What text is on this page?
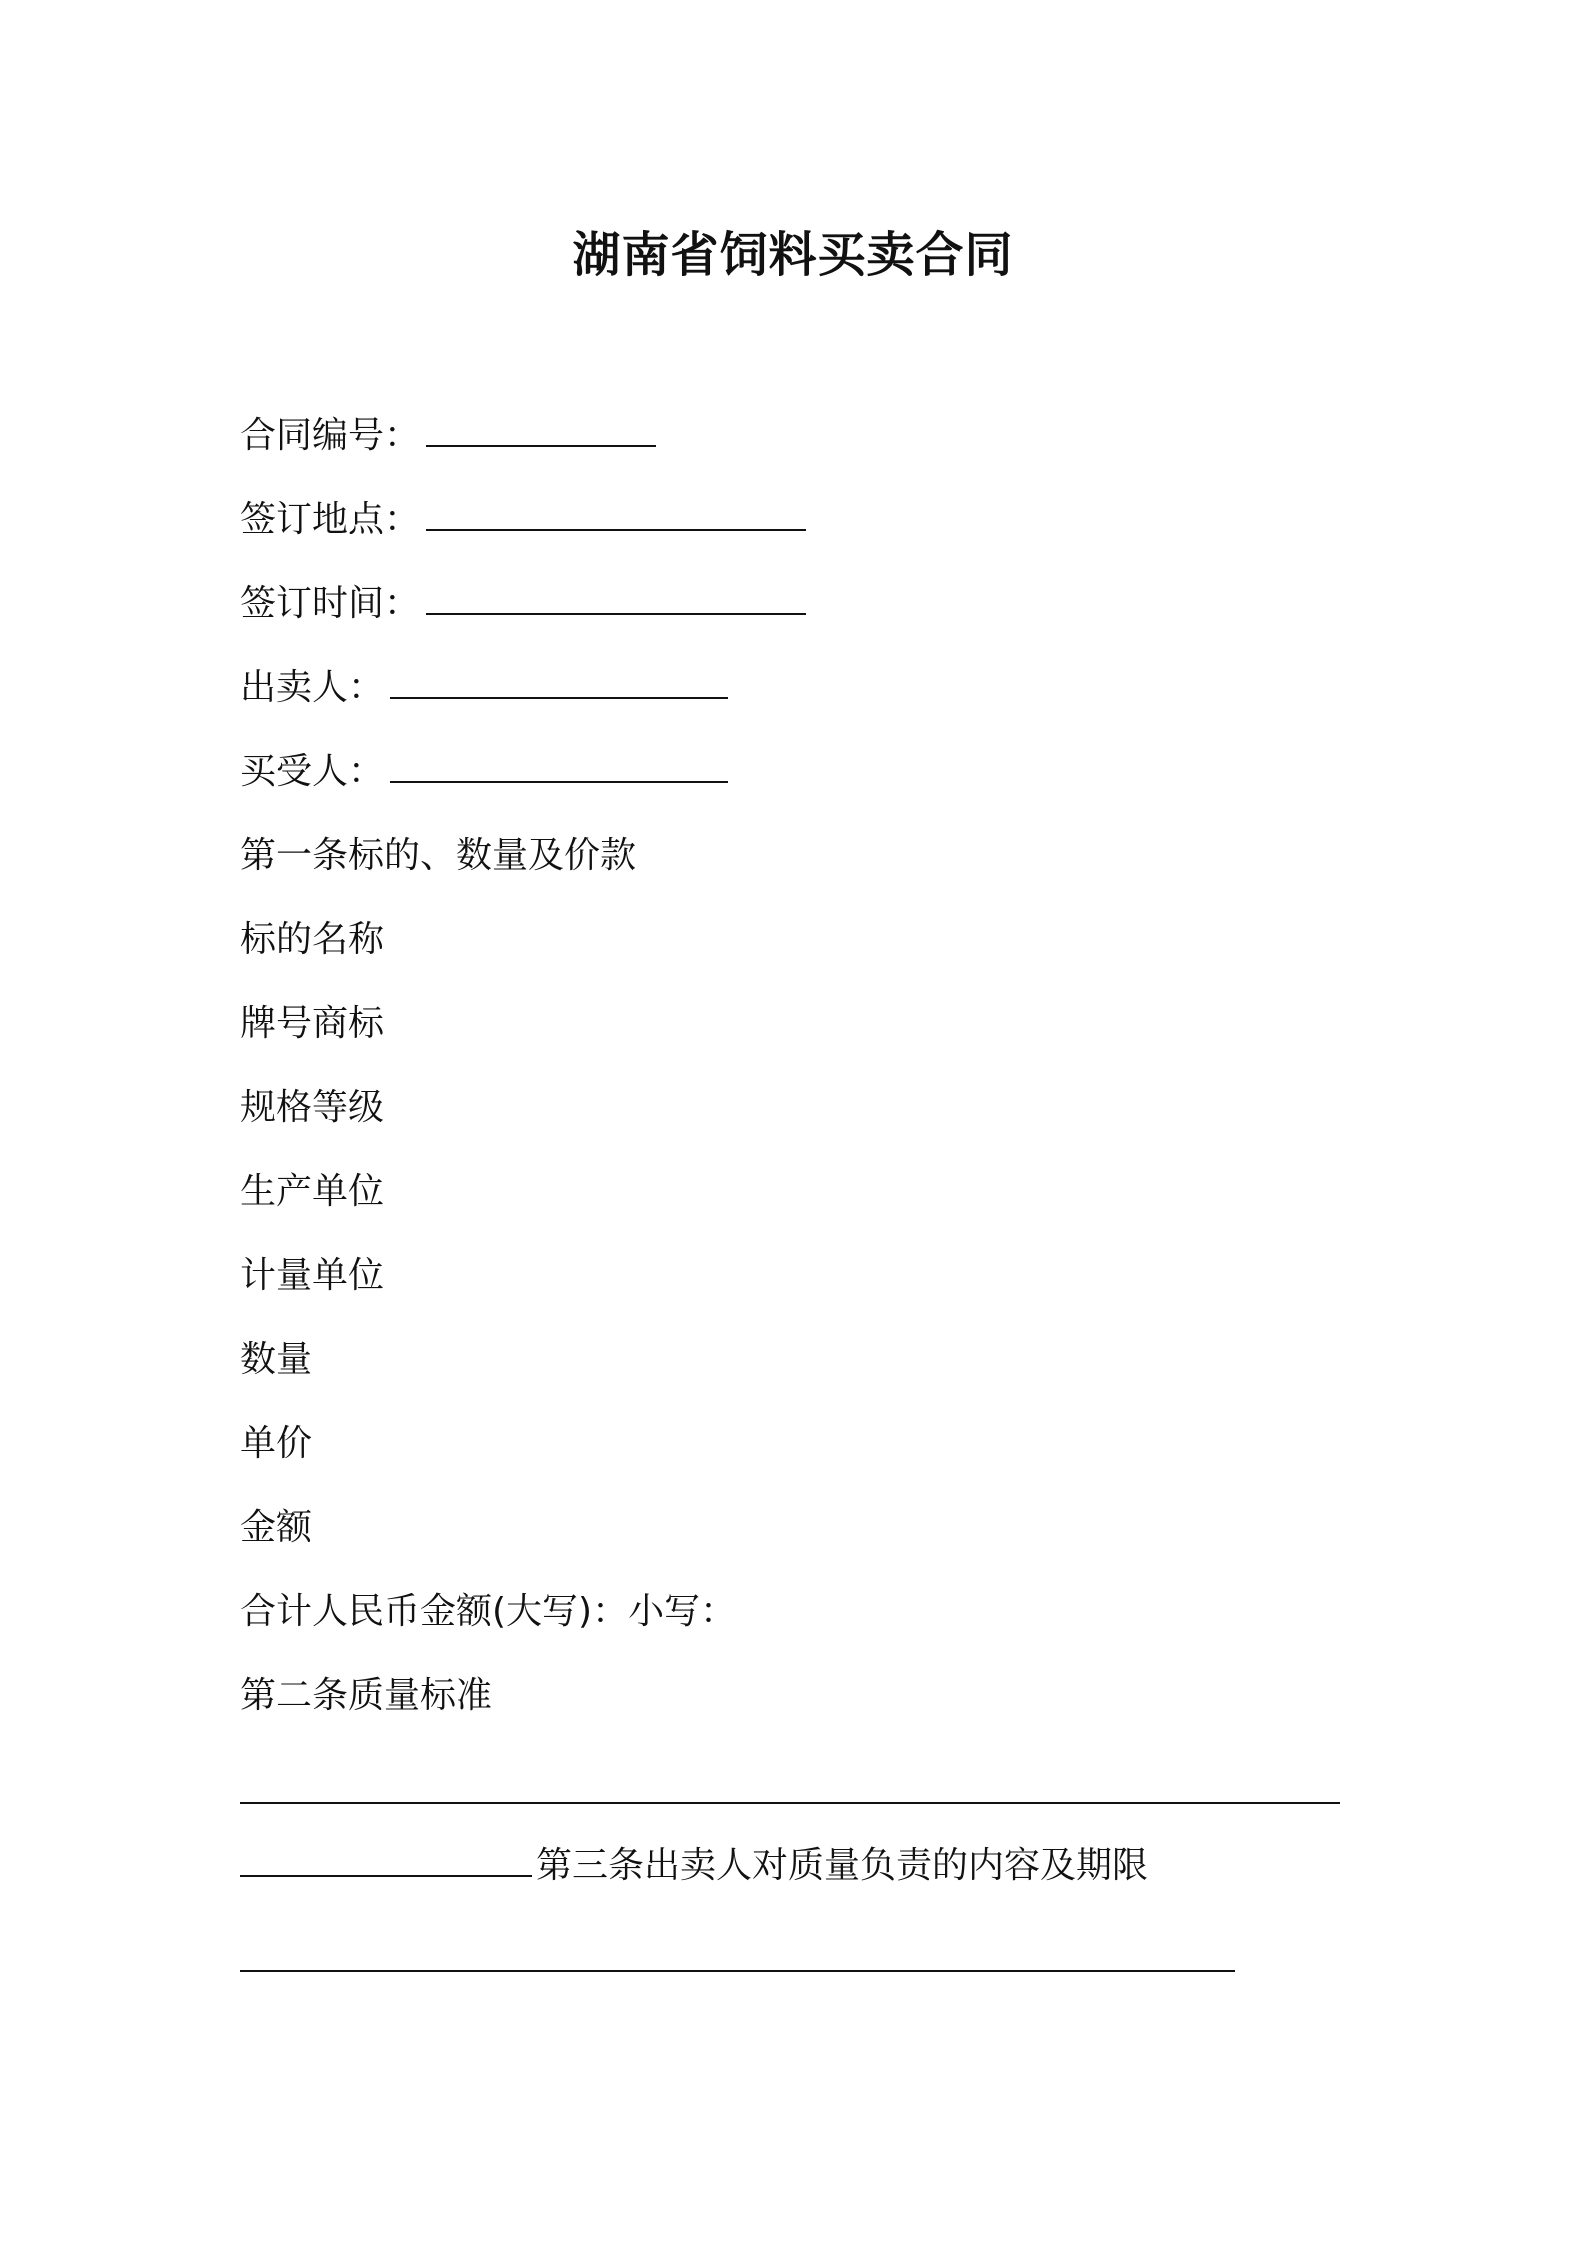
湖南省饲料买卖合同
合同编号：
签订地点：
签订时间：
出卖人：
买受人：
第一条标的、数量及价款
标的名称
牌号商标
规格等级
生产单位
计量单位
数量
单价
金额
合计人民币金额(大写)：小写：
第二条质量标准
第三条出卖人对质量负责的内容及期限
